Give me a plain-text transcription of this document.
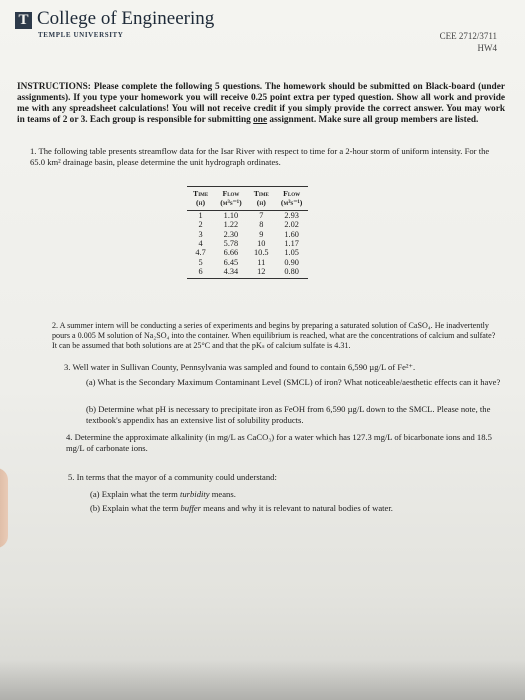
T College of Engineering
TEMPLE UNIVERSITY	CEE 2712/3711
HW4
INSTRUCTIONS: Please complete the following 5 questions. The homework should be submitted on Black-board (under assignments). If you type your homework you will receive 0.25 point extra per typed question. Show all work and provide me with any spreadsheet calculations! You will not receive credit if you simply provide the correct answer. You may work in teams of 2 or 3. Each group is responsible for submitting one assignment. Make sure all group members are listed.
1. The following table presents streamflow data for the Isar River with respect to time for a 2-hour storm of uniform intensity. For the 65.0 km² drainage basin, please determine the unit hydrograph ordinates.
Time	Flow	Time	Flow
(h)	(m³s⁻¹)	(h)	(m³s⁻¹)
1	1.10	7	2.93
2	1.22	8	2.02
3	2.30	9	1.60
4	5.78	10	1.17
4.7	6.66	10.5	1.05
5	6.45	11	0.90
6	4.34	12	0.80
2. A summer intern will be conducting a series of experiments and begins by preparing a saturated solution of CaSO₄. He inadvertently pours a 0.005 M solution of Na₂SO₄ into the container. When equilibrium is reached, what are the concentrations of calcium and sulfate? It can be assumed that both solutions are at 25°C and that the pKₛ of calcium sulfate is 4.31.
3. Well water in Sullivan County, Pennsylvania was sampled and found to contain 6,590 µg/L of Fe²⁺.
(a) What is the Secondary Maximum Contaminant Level (SMCL) of iron? What noticeable/aesthetic effects can it have?
(b) Determine what pH is necessary to precipitate iron as FeOH from 6,590 µg/L down to the SMCL. Please note, the textbook's appendix has an extensive list of solubility products.
4. Determine the approximate alkalinity (in mg/L as CaCO₃) for a water which has 127.3 mg/L of bicarbonate ions and 18.5 mg/L of carbonate ions.
5. In terms that the mayor of a community could understand:
(a) Explain what the term turbidity means.
(b) Explain what the term buffer means and why it is relevant to natural bodies of water.
